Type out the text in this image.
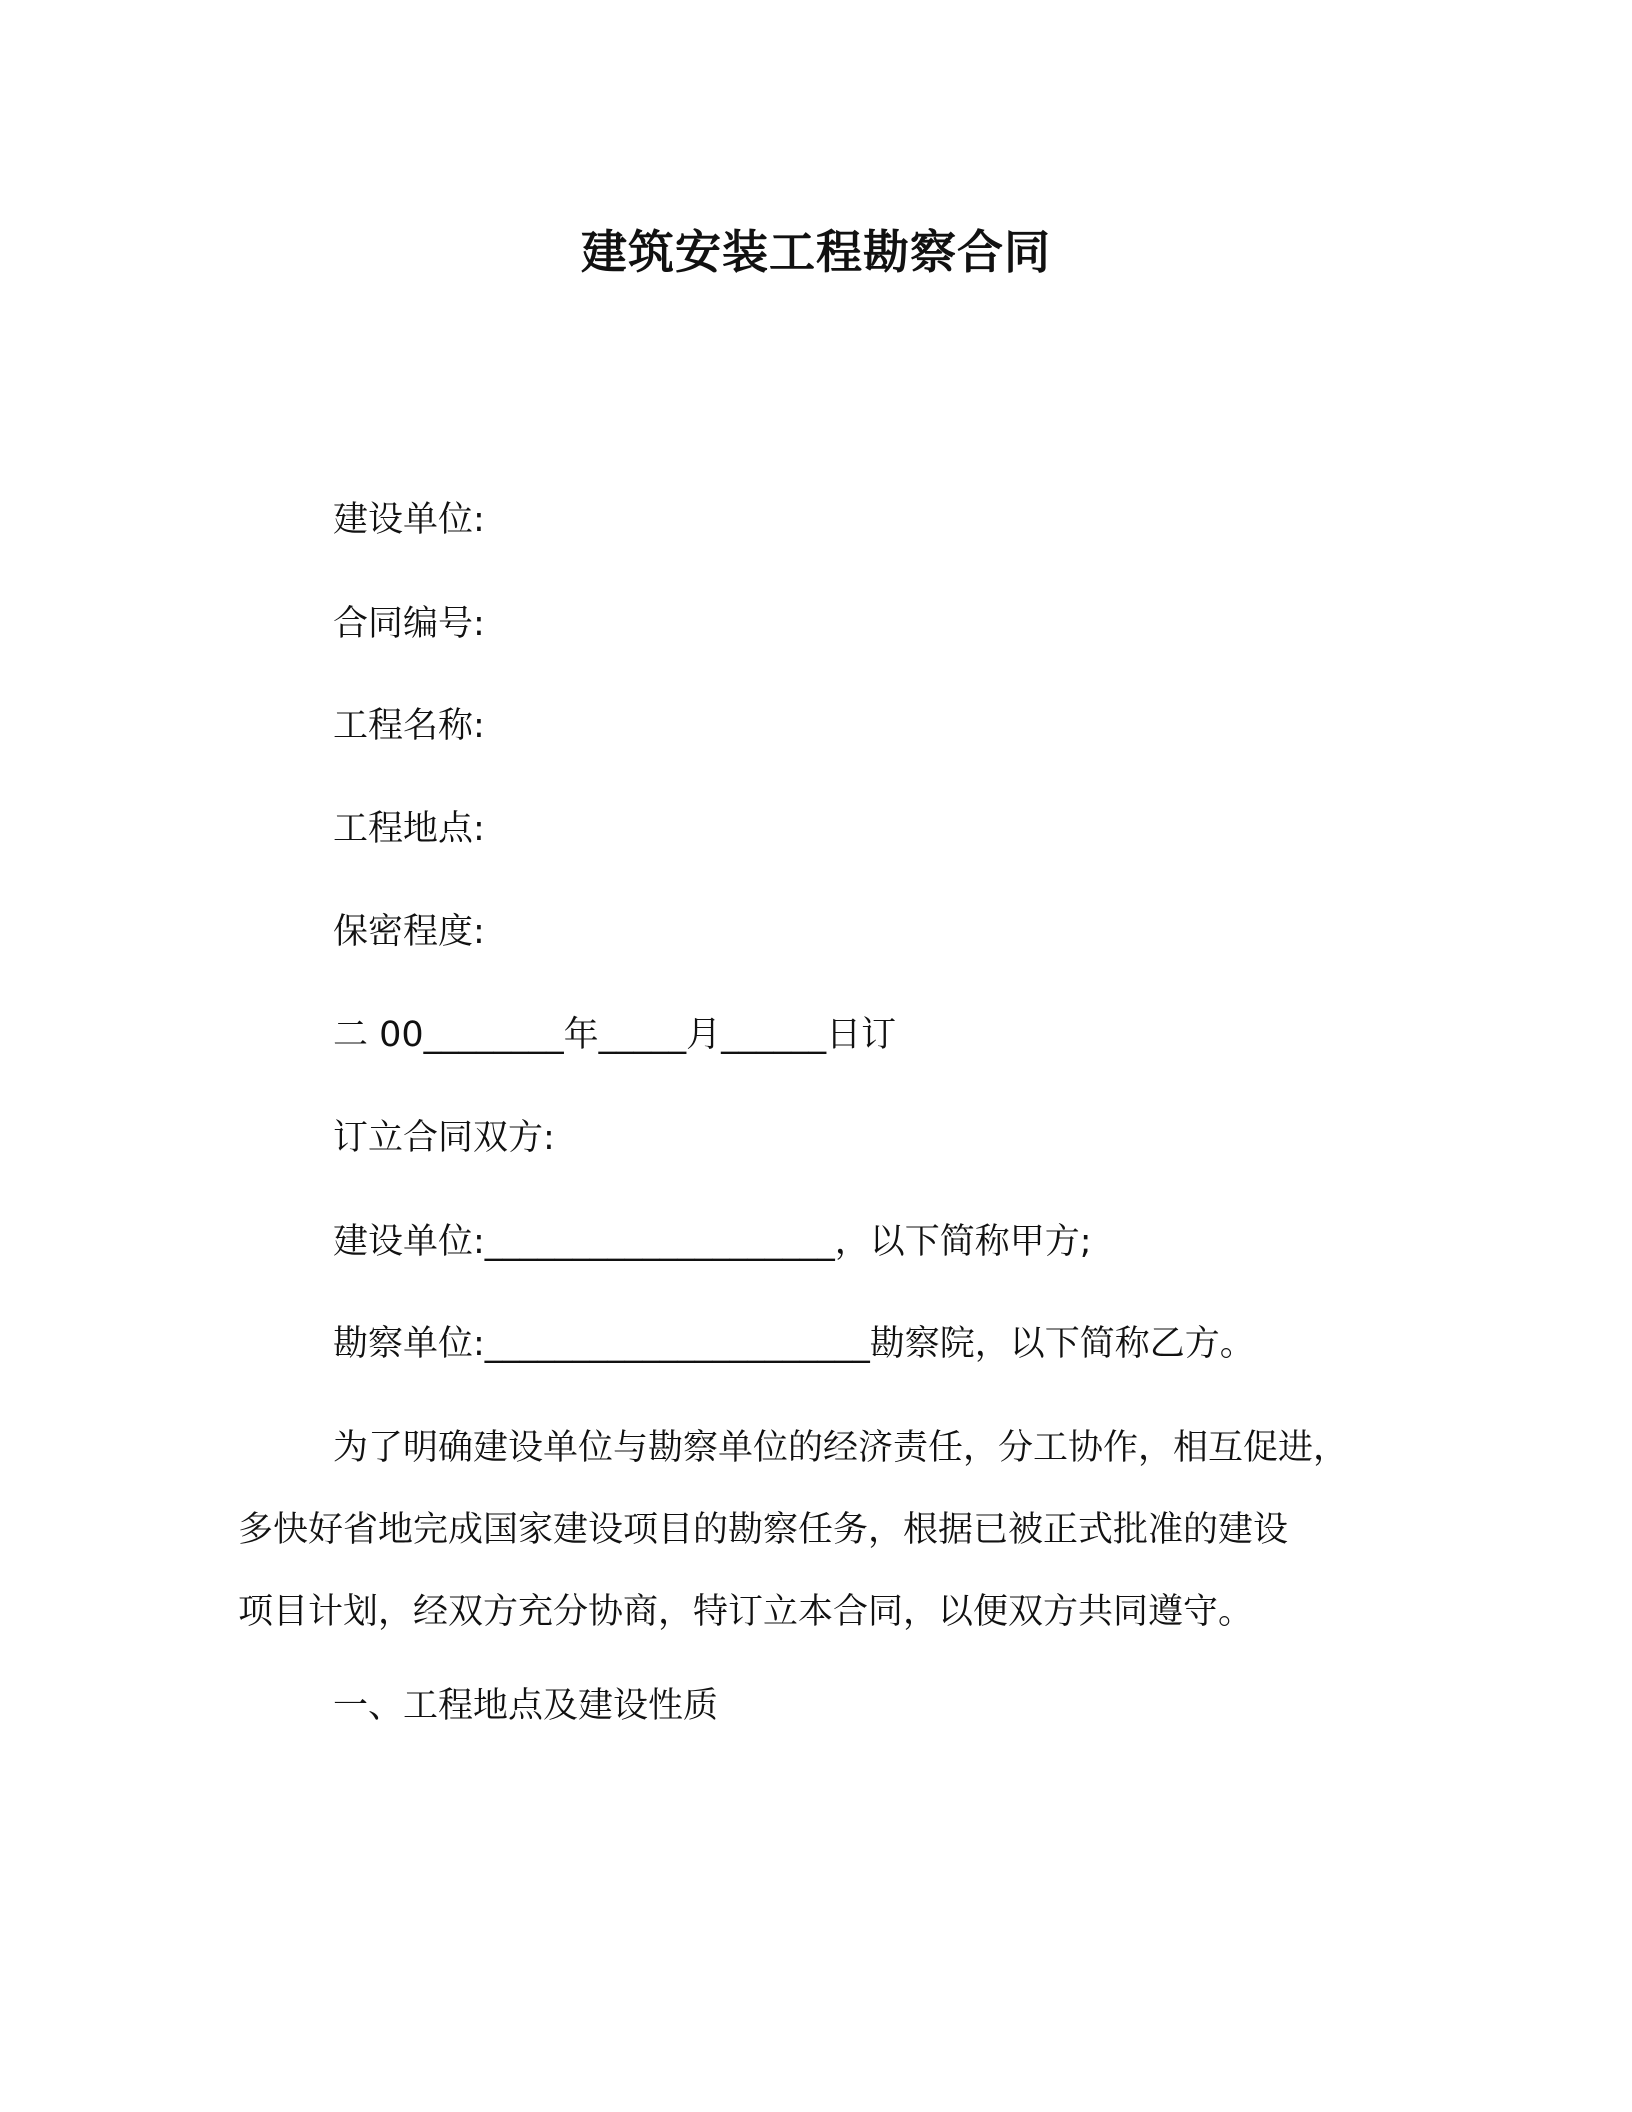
建筑安装工程勘察合同
建设单位:
合同编号:
工程名称:
工程地点:
保密程度:
二 00________年_____月______日订
订立合同双方:
建设单位:____________________，以下简称甲方;
勘察单位:______________________勘察院，以下简称乙方。
为了明确建设单位与勘察单位的经济责任，分工协作，相互促进，
多快好省地完成国家建设项目的勘察任务，根据已被正式批准的建设
项目计划，经双方充分协商，特订立本合同，以便双方共同遵守。
一、工程地点及建设性质
